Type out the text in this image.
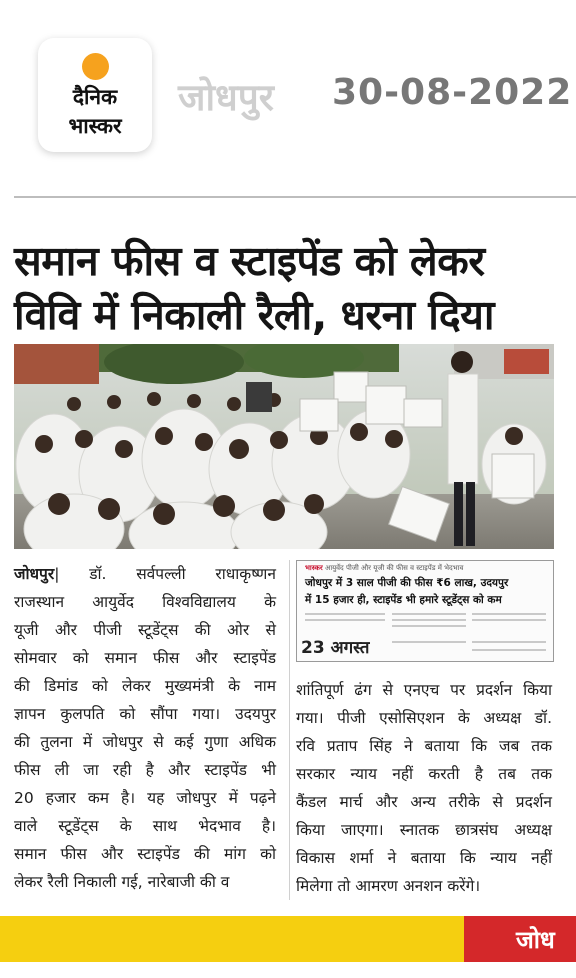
दैनिक
भास्कर
जोधपुर 30-08-2022
समान फीस व स्टाइपेंड को लेकर
विवि में निकाली रैली, धरना दिया
जोधपुर| डॉ. सर्वपल्ली राधाकृष्णन
राजस्थान आयुर्वेद विश्वविद्यालय के
यूजी और पीजी स्टूडेंट्स की ओर से
सोमवार को समान फीस और स्टाइपेंड
की डिमांड को लेकर मुख्यमंत्री के नाम
ज्ञापन कुलपति को सौंपा गया। उदयपुर
की तुलना में जोधपुर से कई गुणा अधिक
फीस ली जा रही है और स्टाइपेंड भी
20 हजार कम है। यह जोधपुर में पढ़ने
वाले स्टूडेंट्स के साथ भेदभाव है।
समान फीस और स्टाइपेंड की मांग को
लेकर रैली निकाली गई, नारेबाजी की व
भास्कर आयुर्वेद पीजी और यूजी की फीस व स्टाइपेंड में भेदभाव
जोधपुर में 3 साल पीजी की फीस ₹6 लाख, उदयपुर
में 15 हजार ही, स्टाइपेंड भी हमारे स्टूडेंट्स को कम
23 अगस्त
शांतिपूर्ण ढंग से एनएच पर प्रदर्शन किया
गया। पीजी एसोसिएशन के अध्यक्ष डॉ.
रवि प्रताप सिंह ने बताया कि जब तक
सरकार न्याय नहीं करती है तब तक
कैंडल मार्च और अन्य तरीके से प्रदर्शन
किया जाएगा। स्नातक छात्रसंघ अध्यक्ष
विकास शर्मा ने बताया कि न्याय नहीं
मिलेगा तो आमरण अनशन करेंगे।
जोध
